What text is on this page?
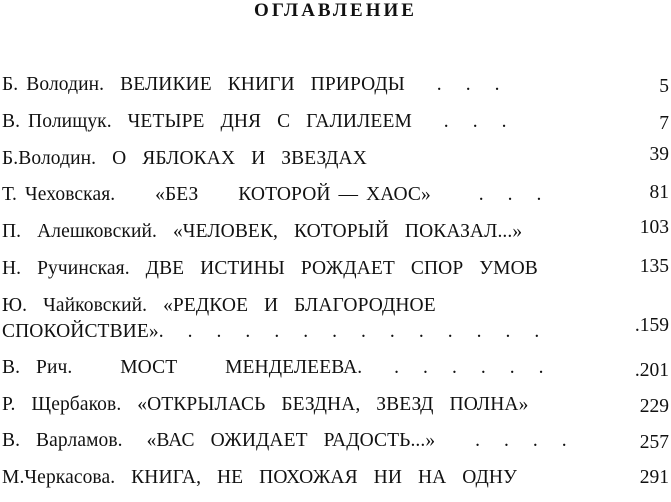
ОГЛАВЛЕНИЕ
Б. Володин.  ВЕЛИКИЕ  КНИГИ  ПРИРОДЫ    .   .   .	5
В. Полищук.  ЧЕТЫРЕ  ДНЯ  С  ГАЛИЛЕЕМ    .   .   .	7
Б.Володин.  О  ЯБЛОКАХ  И  ЗВЕЗДАХ	39
Т. Чеховская.     «БЕЗ     КОТОРОЙ — ХАОС»      .   .   .	81
П.  Алешковский.  «ЧЕЛОВЕК,  КОТОРЫЙ  ПОКАЗАЛ...»	103
Н.  Ручинская.  ДВЕ  ИСТИНЫ  РОЖДАЕТ  СПОР  УМОВ	135
Ю.  Чайковский.  «РЕДКОЕ  И  БЛАГОРОДНОЕ
СПОКОЙСТВИЕ».   .   .   .   .   .   .   .   .   .   .   .   .   .	.159
В.  Рич.      МОСТ      МЕНДЕЛЕЕВА.    .   .   .   .   .   .	.201
Р.  Щербаков.  «ОТКРЫЛАСЬ  БЕЗДНА,  ЗВЕЗД  ПОЛНА»	229
В.  Варламов.   «ВАС  ОЖИДАЕТ  РАДОСТЬ...»     .   .   .   .	257
М.Черкасова.  КНИГА,  НЕ  ПОХОЖАЯ  НИ  НА  ОДНУ	291
